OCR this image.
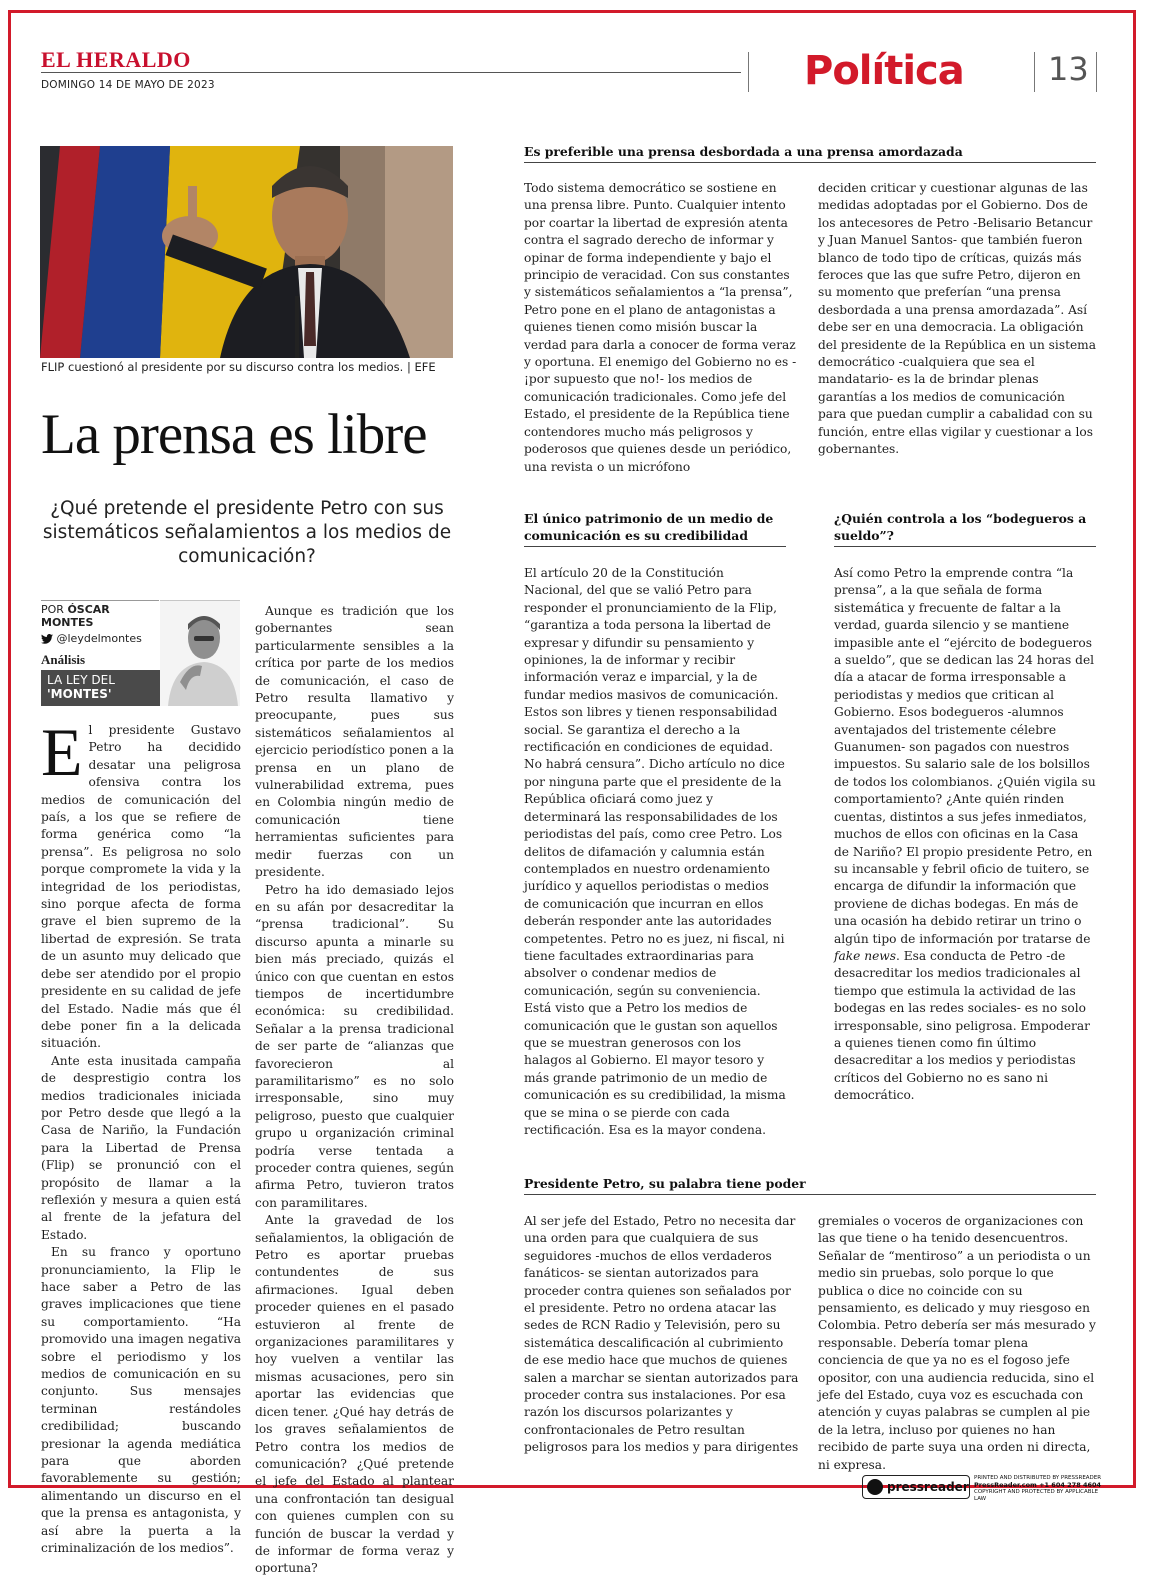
EL HERALDO
DOMINGO 14 DE MAYO DE 2023	Política	13
FLIP cuestionó al presidente por su discurso contra los medios. | EFE
La prensa es libre
¿Qué pretende el presidente Petro con sus sistemáticos señalamientos a los medios de comunicación?
POR ÓSCAR MONTES
@leydelmontes
Análisis
LA LEY DEL
'MONTES'

El presidente Gustavo Petro ha decidido desatar una peligrosa ofensiva contra los medios de comunicación del país, a los que se refiere de forma genérica como “la prensa”. Es peligrosa no solo porque compromete la vida y la integridad de los periodistas, sino porque afecta de forma grave el bien supremo de la libertad de expresión. Se trata de un asunto muy delicado que debe ser atendido por el propio presidente en su calidad de jefe del Estado. Nadie más que él debe poner fin a la delicada situación.

Ante esta inusitada campaña de desprestigio contra los medios tradicionales iniciada por Petro desde que llegó a la Casa de Nariño, la Fundación para la Libertad de Prensa (Flip) se pronunció con el propósito de llamar a la reflexión y mesura a quien está al frente de la jefatura del Estado.

En su franco y oportuno pronunciamiento, la Flip le hace saber a Petro de las graves implicaciones que tiene su comportamiento. “Ha promovido una imagen negativa sobre el periodismo y los medios de comunicación en su conjunto. Sus mensajes terminan restándoles credibilidad; buscando presionar la agenda mediática para que aborden favorablemente su gestión; alimentando un discurso en el que la prensa es antagonista, y así abre la puerta a la criminalización de los medios”.

Aunque es tradición que los gobernantes sean particularmente sensibles a la crítica por parte de los medios de comunicación, el caso de Petro resulta llamativo y preocupante, pues sus sistemáticos señalamientos al ejercicio periodístico ponen a la prensa en un plano de vulnerabilidad extrema, pues en Colombia ningún medio de comunicación tiene herramientas suficientes para medir fuerzas con un presidente.

Petro ha ido demasiado lejos en su afán por desacreditar la “prensa tradicional”. Su discurso apunta a minarle su bien más preciado, quizás el único con que cuentan en estos tiempos de incertidumbre económica: su credibilidad. Señalar a la prensa tradicional de ser parte de “alianzas que favorecieron al paramilitarismo” es no solo irresponsable, sino muy peligroso, puesto que cualquier grupo u organización criminal podría verse tentada a proceder contra quienes, según afirma Petro, tuvieron tratos con paramilitares.

Ante la gravedad de los señalamientos, la obligación de Petro es aportar pruebas contundentes de sus afirmaciones. Igual deben proceder quienes en el pasado estuvieron al frente de organizaciones paramilitares y hoy vuelven a ventilar las mismas acusaciones, pero sin aportar las evidencias que dicen tener. ¿Qué hay detrás de los graves señalamientos de Petro contra los medios de comunicación? ¿Qué pretende el jefe del Estado al plantear una confrontación tan desigual con quienes cumplen con su función de buscar la verdad y de informar de forma veraz y oportuna?

Es preferible una prensa desbordada a una prensa amordazada
Todo sistema democrático se sostiene en una prensa libre. Punto. Cualquier intento por coartar la libertad de expresión atenta contra el sagrado derecho de informar y opinar de forma independiente y bajo el principio de veracidad. Con sus constantes y sistemáticos señalamientos a “la prensa”, Petro pone en el plano de antagonistas a quienes tienen como misión buscar la verdad para darla a conocer de forma veraz y oportuna. El enemigo del Gobierno no es -¡por supuesto que no!- los medios de comunicación tradicionales. Como jefe del Estado, el presidente de la República tiene contendores mucho más peligrosos y poderosos que quienes desde un periódico, una revista o un micrófono
deciden criticar y cuestionar algunas de las medidas adoptadas por el Gobierno. Dos de los antecesores de Petro -Belisario Betancur y Juan Manuel Santos- que también fueron blanco de todo tipo de críticas, quizás más feroces que las que sufre Petro, dijeron en su momento que preferían “una prensa desbordada a una prensa amordazada”. Así debe ser en una democracia. La obligación del presidente de la República en un sistema democrático -cualquiera que sea el mandatario- es la de brindar plenas garantías a los medios de comunicación para que puedan cumplir a cabalidad con su función, entre ellas vigilar y cuestionar a los gobernantes.
El único patrimonio de un medio de comunicación es su credibilidad
El artículo 20 de la Constitución Nacional, del que se valió Petro para responder el pronunciamiento de la Flip, “garantiza a toda persona la libertad de expresar y difundir su pensamiento y opiniones, la de informar y recibir información veraz e imparcial, y la de fundar medios masivos de comunicación. Estos son libres y tienen responsabilidad social. Se garantiza el derecho a la rectificación en condiciones de equidad. No habrá censura”. Dicho artículo no dice por ninguna parte que el presidente de la República oficiará como juez y determinará las responsabilidades de los periodistas del país, como cree Petro. Los delitos de difamación y calumnia están contemplados en nuestro ordenamiento jurídico y aquellos periodistas o medios de comunicación que incurran en ellos deberán responder ante las autoridades competentes. Petro no es juez, ni fiscal, ni tiene facultades extraordinarias para absolver o condenar medios de comunicación, según su conveniencia. Está visto que a Petro los medios de comunicación que le gustan son aquellos que se muestran generosos con los halagos al Gobierno. El mayor tesoro y más grande patrimonio de un medio de comunicación es su credibilidad, la misma que se mina o se pierde con cada rectificación. Esa es la mayor condena.
¿Quién controla a los “bodegueros a sueldo”?
Así como Petro la emprende contra “la prensa”, a la que señala de forma sistemática y frecuente de faltar a la verdad, guarda silencio y se mantiene impasible ante el “ejército de bodegueros a sueldo”, que se dedican las 24 horas del día a atacar de forma irresponsable a periodistas y medios que critican al Gobierno. Esos bodegueros -alumnos aventajados del tristemente célebre Guanumen- son pagados con nuestros impuestos. Su salario sale de los bolsillos de todos los colombianos. ¿Quién vigila su comportamiento? ¿Ante quién rinden cuentas, distintos a sus jefes inmediatos, muchos de ellos con oficinas en la Casa de Nariño? El propio presidente Petro, en su incansable y febril oficio de tuitero, se encarga de difundir la información que proviene de dichas bodegas. En más de una ocasión ha debido retirar un trino o algún tipo de información por tratarse de fake news. Esa conducta de Petro -de desacreditar los medios tradicionales al tiempo que estimula la actividad de las bodegas en las redes sociales- es no solo irresponsable, sino peligrosa. Empoderar a quienes tienen como fin último desacreditar a los medios y periodistas críticos del Gobierno no es sano ni democrático.
Presidente Petro, su palabra tiene poder
Al ser jefe del Estado, Petro no necesita dar una orden para que cualquiera de sus seguidores -muchos de ellos verdaderos fanáticos- se sientan autorizados para proceder contra quienes son señalados por el presidente. Petro no ordena atacar las sedes de RCN Radio y Televisión, pero su sistemática descalificación al cubrimiento de ese medio hace que muchos de quienes salen a marchar se sientan autorizados para proceder contra sus instalaciones. Por esa razón los discursos polarizantes y confrontacionales de Petro resultan peligrosos para los medios y para dirigentes
gremiales o voceros de organizaciones con las que tiene o ha tenido desencuentros. Señalar de “mentiroso” a un periodista o un medio sin pruebas, solo porque lo que publica o dice no coincide con su pensamiento, es delicado y muy riesgoso en Colombia. Petro debería ser más mesurado y responsable. Debería tomar plena conciencia de que ya no es el fogoso jefe opositor, con una audiencia reducida, sino el jefe del Estado, cuya voz es escuchada con atención y cuyas palabras se cumplen al pie de la letra, incluso por quienes no han recibido de parte suya una orden ni directa, ni expresa.
pressreader
PRINTED AND DISTRIBUTED BY PRESSREADER
PressReader.com +1 604 278 4604
COPYRIGHT AND PROTECTED BY APPLICABLE LAW
